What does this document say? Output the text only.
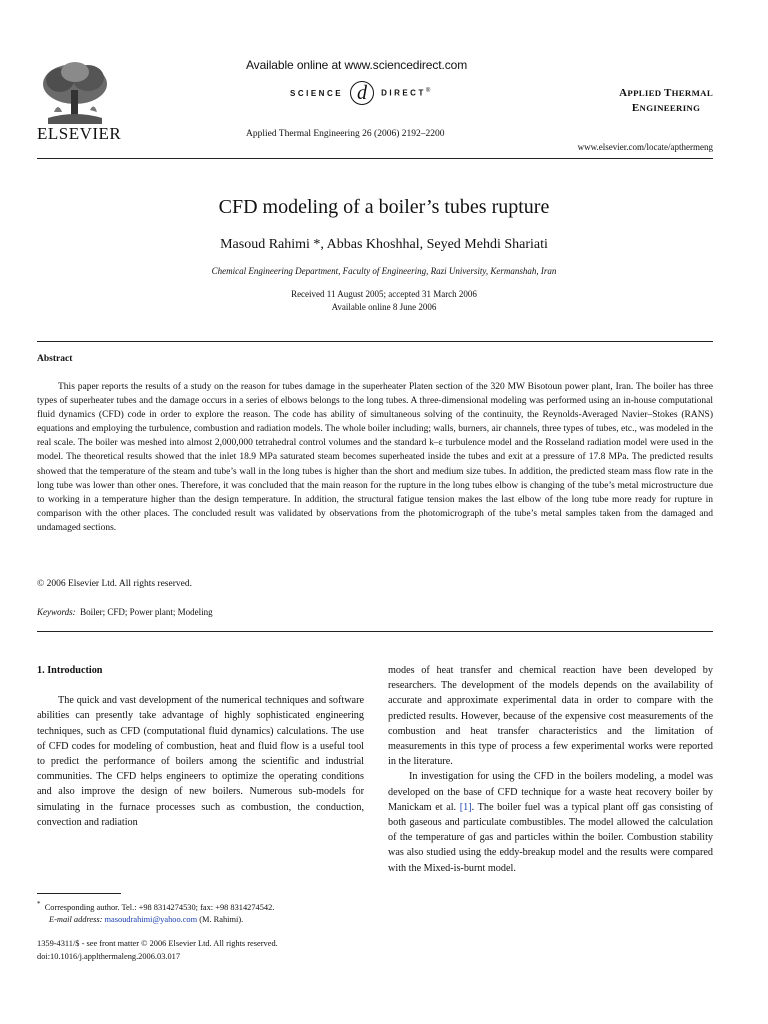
ELSEVIER
Available online at www.sciencedirect.com
SCIENCE d DIRECT®
Applied Thermal Engineering 26 (2006) 2192–2200
APPLIED THERMAL
ENGINEERING
www.elsevier.com/locate/apthermeng
CFD modeling of a boiler’s tubes rupture
Masoud Rahimi *, Abbas Khoshhal, Seyed Mehdi Shariati
Chemical Engineering Department, Faculty of Engineering, Razi University, Kermanshah, Iran
Received 11 August 2005; accepted 31 March 2006
Available online 8 June 2006
Abstract

This paper reports the results of a study on the reason for tubes damage in the superheater Platen section of the 320 MW Bisotoun power plant, Iran. The boiler has three types of superheater tubes and the damage occurs in a series of elbows belongs to the long tubes. A three-dimensional modeling was performed using an in-house computational fluid dynamics (CFD) code in order to explore the reason. The code has ability of simultaneous solving of the continuity, the Reynolds-Averaged Navier–Stokes (RANS) equations and employing the turbulence, combustion and radiation models. The whole boiler including; walls, burners, air channels, three types of tubes, etc., was modeled in the real scale. The boiler was meshed into almost 2,000,000 tetrahedral control volumes and the standard k–ε turbulence model and the Rosseland radiation model were used in the model. The theoretical results showed that the inlet 18.9 MPa saturated steam becomes superheated inside the tubes and exit at a pressure of 17.8 MPa. The predicted results showed that the temperature of the steam and tube’s wall in the long tubes is higher than the short and medium size tubes. In addition, the predicted steam mass flow rate in the long tube was lower than other ones. Therefore, it was concluded that the main reason for the rupture in the long tubes elbow is changing of the tube’s metal microstructure due to working in a temperature higher than the design temperature. In addition, the structural fatigue tension makes the last elbow of the long tube more ready for rupture in comparison with the other places. The concluded result was validated by observations from the photomicrograph of the tube’s metal samples taken from the damaged and undamaged sections.

© 2006 Elsevier Ltd. All rights reserved.
Keywords: Boiler; CFD; Power plant; Modeling

1. Introduction

The quick and vast development of the numerical techniques and software abilities can presently take advantage of highly sophisticated engineering techniques, such as CFD (computational fluid dynamics) calculations. The use of CFD codes for modeling of combustion, heat and fluid flow is a useful tool to predict the performance of boilers among the scientific and industrial communities. The CFD helps engineers to optimize the operating conditions and also improve the design of new boilers. Numerous sub-models for simulating in the furnace processes such as combustion, the conduction, convection and radiation

modes of heat transfer and chemical reaction have been developed by researchers. The development of the models depends on the availability of accurate and approximate experimental data in order to compare with the predicted results. However, because of the expensive cost measurements of the combustion and heat transfer characteristics and the limitation of measurements in this type of process a few experimental works were reported in the literature.

In investigation for using the CFD in the boilers modeling, a model was developed on the base of CFD technique for a waste heat recovery boiler by Manickam et al. [1]. The boiler fuel was a typical plant off gas consisting of both gaseous and particulate combustibles. The model allowed the calculation of the temperature of gas and particles within the boiler. Combustion stability was also studied using the eddy-breakup model and the results were compared with the Mixed-is-burnt model.

* Corresponding author. Tel.: +98 8314274530; fax: +98 8314274542.
E-mail address: masoudrahimi@yahoo.com (M. Rahimi).
1359-4311/$ - see front matter © 2006 Elsevier Ltd. All rights reserved.
doi:10.1016/j.applthermaleng.2006.03.017
